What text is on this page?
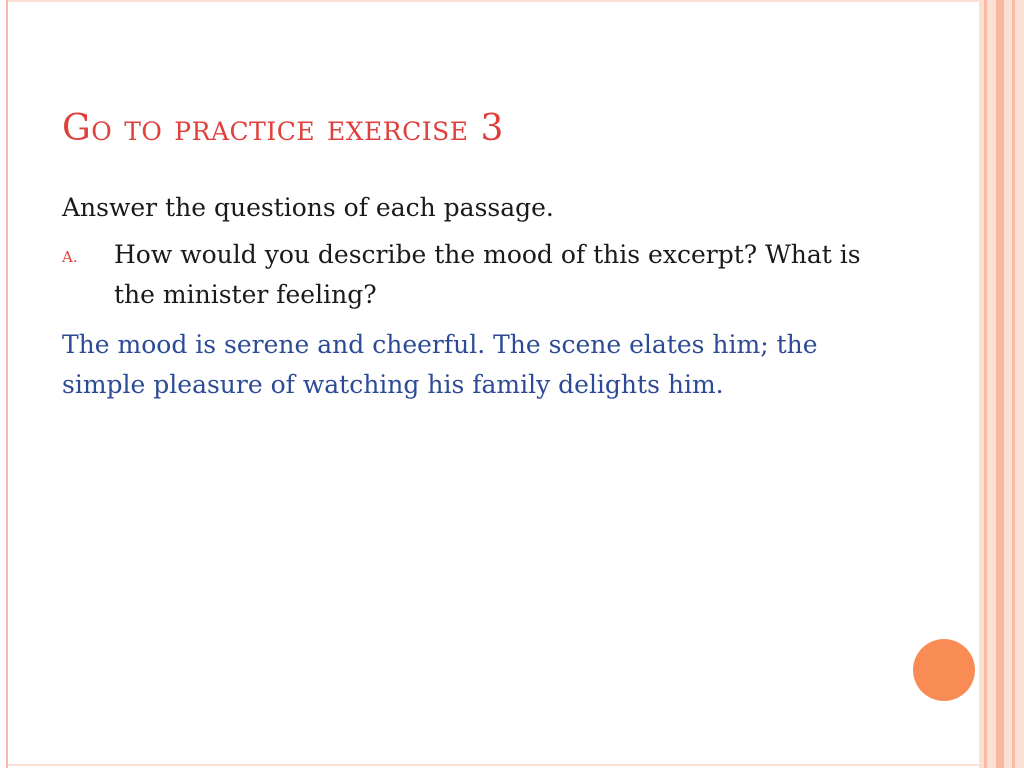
Go to practice exercise 3

Answer the questions of each passage.

A. How would you describe the mood of this excerpt? What is the minister feeling?

The mood is serene and cheerful. The scene elates him; the simple pleasure of watching his family delights him.
